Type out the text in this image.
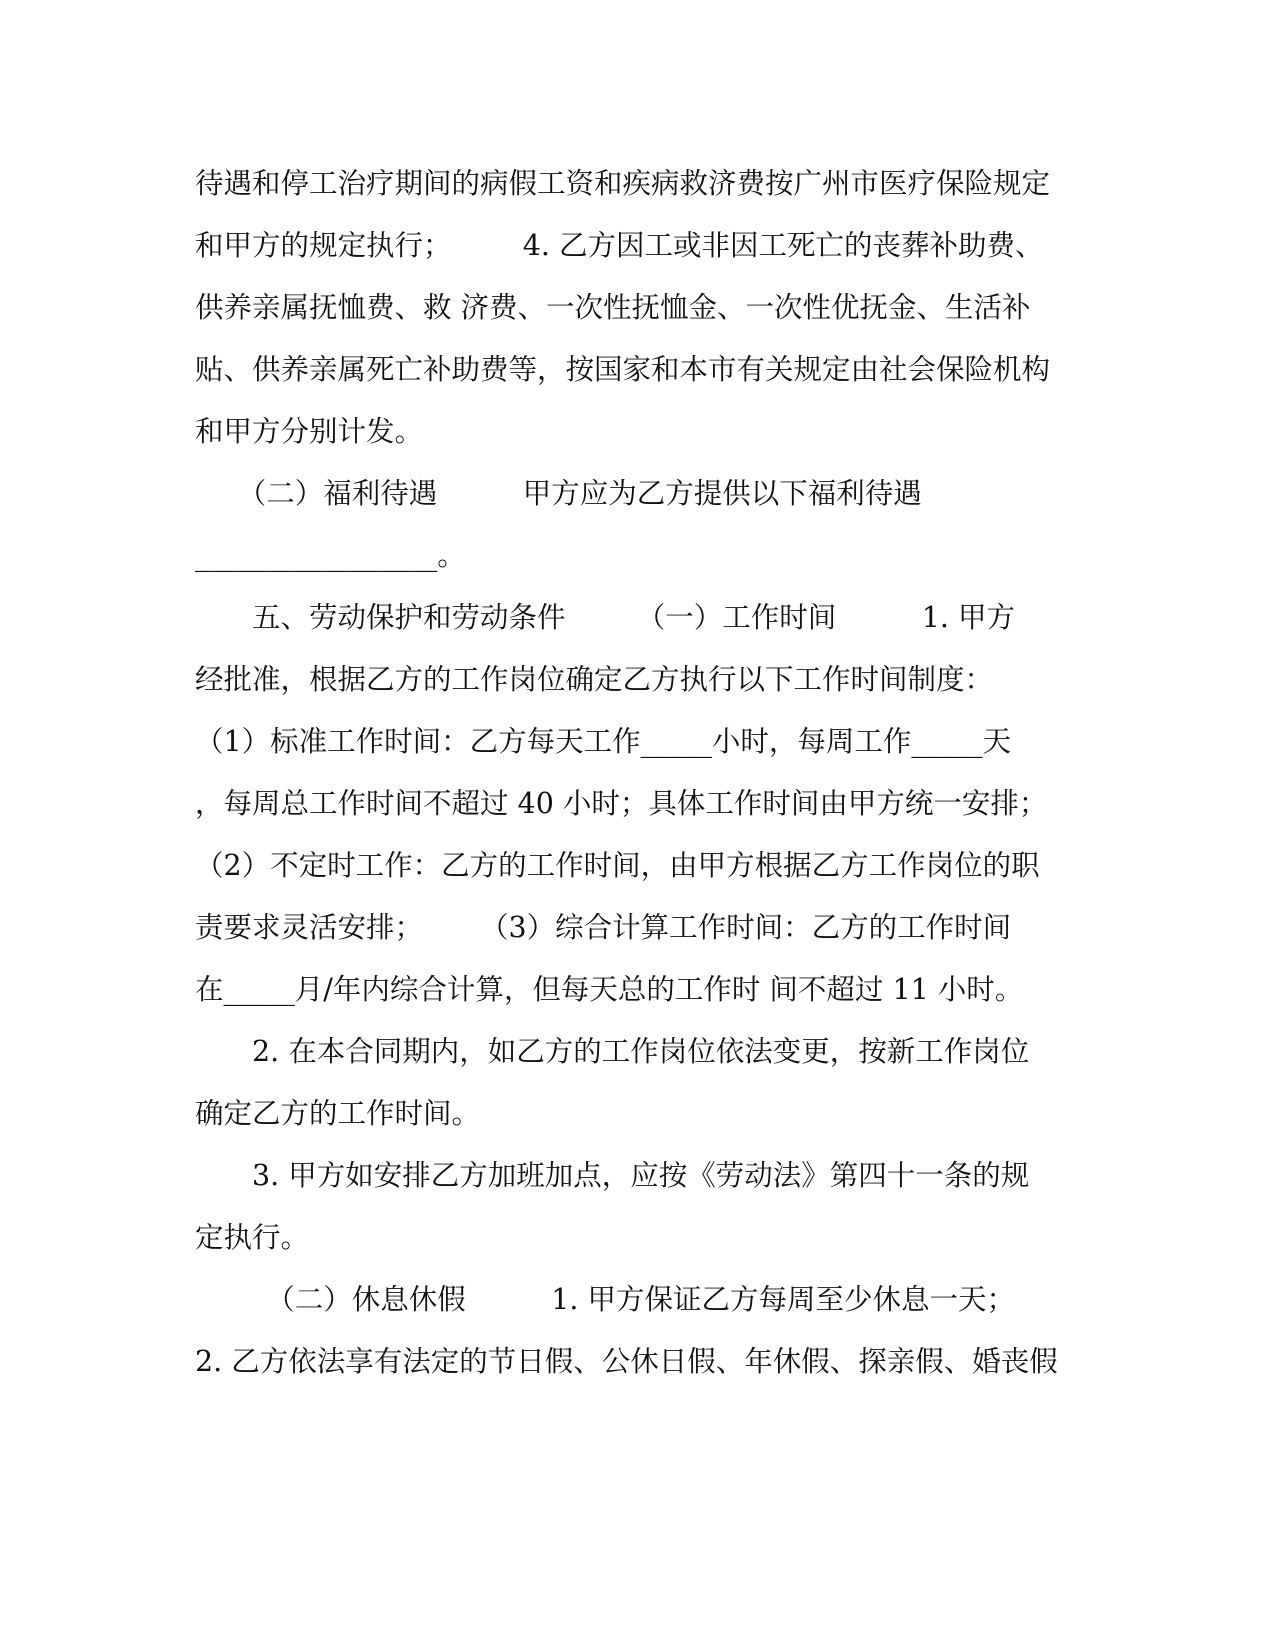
待遇和停工治疗期间的病假工资和疾病救济费按广州市医疗保险规定
和甲方的规定执行；　　　4. 乙方因工或非因工死亡的丧葬补助费、
供养亲属抚恤费、救 济费、一次性抚恤金、一次性优抚金、生活补
贴、供养亲属死亡补助费等，按国家和本市有关规定由社会保险机构
和甲方分别计发。
　　（二）福利待遇　　　甲方应为乙方提供以下福利待遇
_________________。
　　五、劳动保护和劳动条件　　　（一）工作时间　　　1. 甲方
经批准，根据乙方的工作岗位确定乙方执行以下工作时间制度：
（1）标准工作时间：乙方每天工作_____小时，每周工作_____天
，每周总工作时间不超过 40 小时；具体工作时间由甲方统一安排；
（2）不定时工作：乙方的工作时间，由甲方根据乙方工作岗位的职
责要求灵活安排；　　　（3）综合计算工作时间：乙方的工作时间
在_____月/年内综合计算，但每天总的工作时 间不超过 11 小时。
　　2. 在本合同期内，如乙方的工作岗位依法变更，按新工作岗位
确定乙方的工作时间。
　　3. 甲方如安排乙方加班加点，应按《劳动法》第四十一条的规
定执行。
　　　（二）休息休假　　　1. 甲方保证乙方每周至少休息一天；
2. 乙方依法享有法定的节日假、公休日假、年休假、探亲假、婚丧假
